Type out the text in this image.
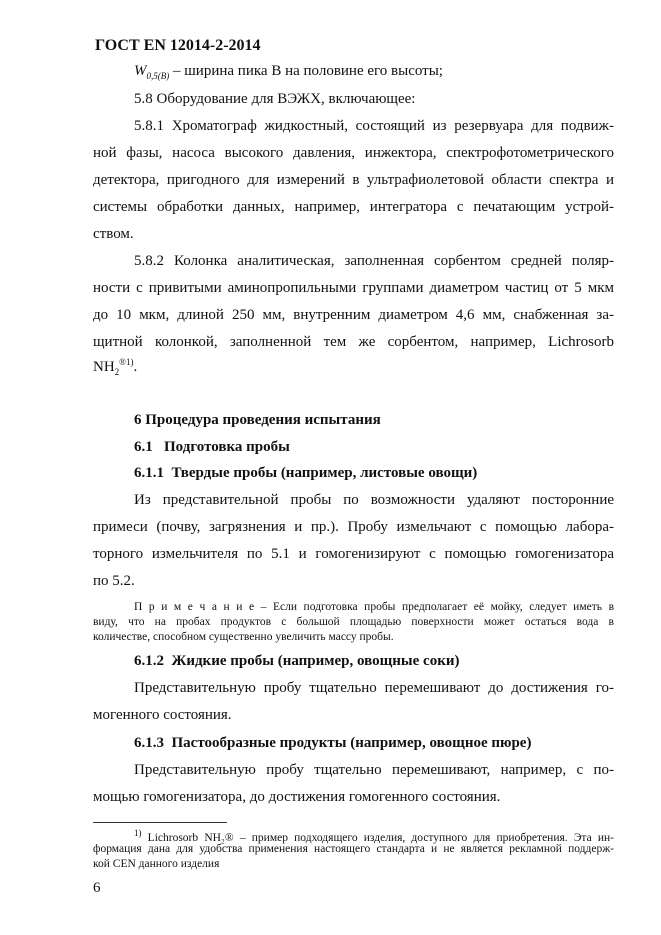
ГОСТ EN 12014-2-2014
$W_{0,5(B)}$ – ширина пика B на половине его высоты;
5.8 Оборудование для ВЭЖХ, включающее:
5.8.1 Хроматограф жидкостный, состоящий из резервуара для подвиж-
ной фазы, насоса высокого давления, инжектора, спектрофотометрического
детектора, пригодного для измерений в ультрафиолетовой области спектра и
системы обработки данных, например, интегратора с печатающим устрой-
ством.
5.8.2 Колонка аналитическая, заполненная сорбентом средней поляр-
ности с привитыми аминопропильными группами диаметром частиц от 5 мкм
до 10 мкм, длиной 250 мм, внутренним диаметром 4,6 мм, снабженная за-
щитной колонкой, заполненной тем же сорбентом, например, Lichrosorb
$NH_2^{®1)}$.
6 Процедура проведения испытания
6.1   Подготовка пробы
6.1.1  Твердые пробы (например, листовые овощи)
Из представительной пробы по возможности удаляют посторонние
примеси (почву, загрязнения и пр.). Пробу измельчают с помощью лабора-
торного измельчителя по 5.1 и гомогенизируют с помощью гомогенизатора
по 5.2.
П р и м е ч а н и е – Если подготовка пробы предполагает её мойку, следует иметь в
виду, что на пробах продуктов с большой площадью поверхности может остаться вода в
количестве, способном существенно увеличить массу пробы.
6.1.2  Жидкие пробы (например, овощные соки)
Представительную пробу тщательно перемешивают до достижения го-
могенного состояния.
6.1.3  Пастообразные продукты (например, овощное пюре)
Представительную пробу тщательно перемешивают, например, с по-
мощью гомогенизатора, до достижения гомогенного состояния.
$^{1)}$ Lichrosorb NH₂® – пример подходящего изделия, доступного для приобретения. Эта ин-
формация дана для удобства применения настоящего стандарта и не является рекламной поддерж-
кой CEN данного изделия
6
